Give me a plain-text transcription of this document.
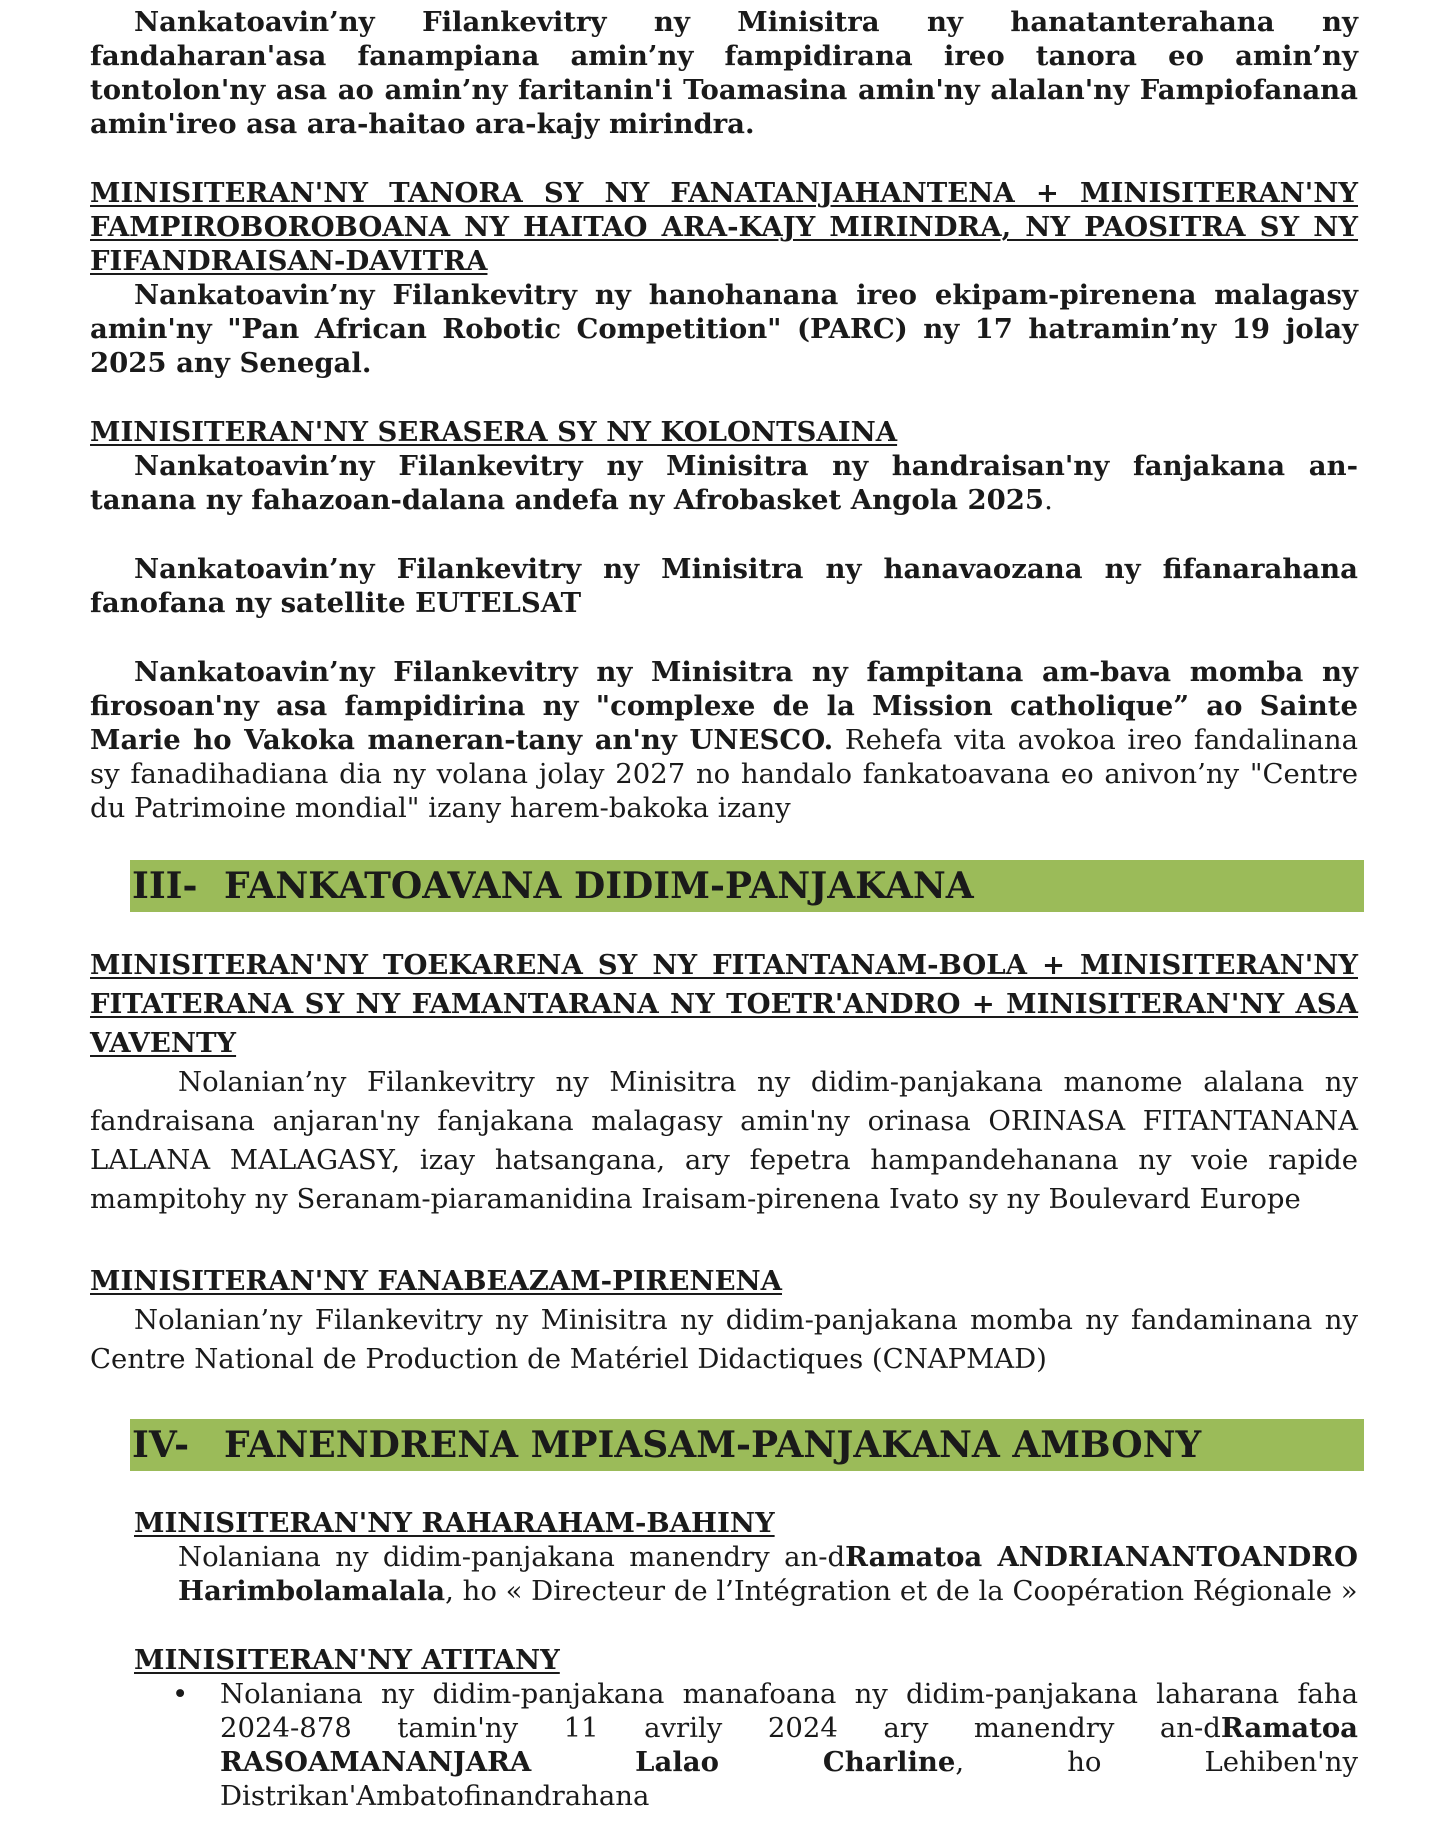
Nankatoavin’ny Filankevitry ny Minisitra ny hanatanterahana ny fandaharan'asa fanampiana amin’ny fampidirana ireo tanora eo amin’ny tontolon'ny asa ao amin’ny faritanin'i Toamasina amin'ny alalan'ny Fampiofanana amin'ireo asa ara-haitao ara-kajy mirindra.

MINISITERAN'NY TANORA SY NY FANATANJAHANTENA + MINISITERAN'NY FAMPIROBOROBOANA NY HAITAO ARA-KAJY MIRINDRA, NY PAOSITRA SY NY FIFANDRAISAN-DAVITRA

Nankatoavin’ny Filankevitry ny hanohanana ireo ekipam-pirenena malagasy amin'ny "Pan African Robotic Competition" (PARC) ny 17 hatramin’ny 19 jolay 2025 any Senegal.

MINISITERAN'NY SERASERA SY NY KOLONTSAINA

Nankatoavin’ny Filankevitry ny Minisitra ny handraisan'ny fanjakana an-tanana ny fahazoan-dalana andefa ny Afrobasket Angola 2025.

Nankatoavin’ny Filankevitry ny Minisitra ny hanavaozana ny fifanarahana fanofana ny satellite EUTELSAT

Nankatoavin’ny Filankevitry ny Minisitra ny fampitana am-bava momba ny firosoan'ny asa fampidirina ny "complexe de la Mission catholique” ao Sainte Marie ho Vakoka maneran-tany an'ny UNESCO. Rehefa vita avokoa ireo fandalinana sy fanadihadiana dia ny volana jolay 2027 no handalo fankatoavana eo anivon’ny "Centre du Patrimoine mondial" izany harem-bakoka izany

III- FANKATOAVANA DIDIM-PANJAKANA

MINISITERAN'NY TOEKARENA SY NY FITANTANAM-BOLA + MINISITERAN'NY FITATERANA SY NY FAMANTARANA NY TOETR'ANDRO + MINISITERAN'NY ASA VAVENTY

Nolanian’ny Filankevitry ny Minisitra ny didim-panjakana manome alalana ny fandraisana anjaran'ny fanjakana malagasy amin'ny orinasa ORINASA FITANTANANA LALANA MALAGASY, izay hatsangana, ary fepetra hampandehanana ny voie rapide mampitohy ny Seranam-piaramanidina Iraisam-pirenena Ivato sy ny Boulevard Europe

MINISITERAN'NY FANABEAZAM-PIRENENA

Nolanian’ny Filankevitry ny Minisitra ny didim-panjakana momba ny fandaminana ny Centre National de Production de Matériel Didactiques (CNAPMAD)

IV- FANENDRENA MPIASAM-PANJAKANA AMBONY

MINISITERAN'NY RAHARAHAM-BAHINY

Nolaniana ny didim-panjakana manendry an-dRamatoa ANDRIANANTOANDRO Harimbolamalala, ho « Directeur de l’Intégration et de la Coopération Régionale »

MINISITERAN'NY ATITANY

•	Nolaniana ny didim-panjakana manafoana ny didim-panjakana laharana faha 2024-878 tamin'ny 11 avrily 2024 ary manendry an-dRamatoa RASOAMANANJARA Lalao Charline, ho Lehiben'ny Distrikan'Ambatofinandrahana
